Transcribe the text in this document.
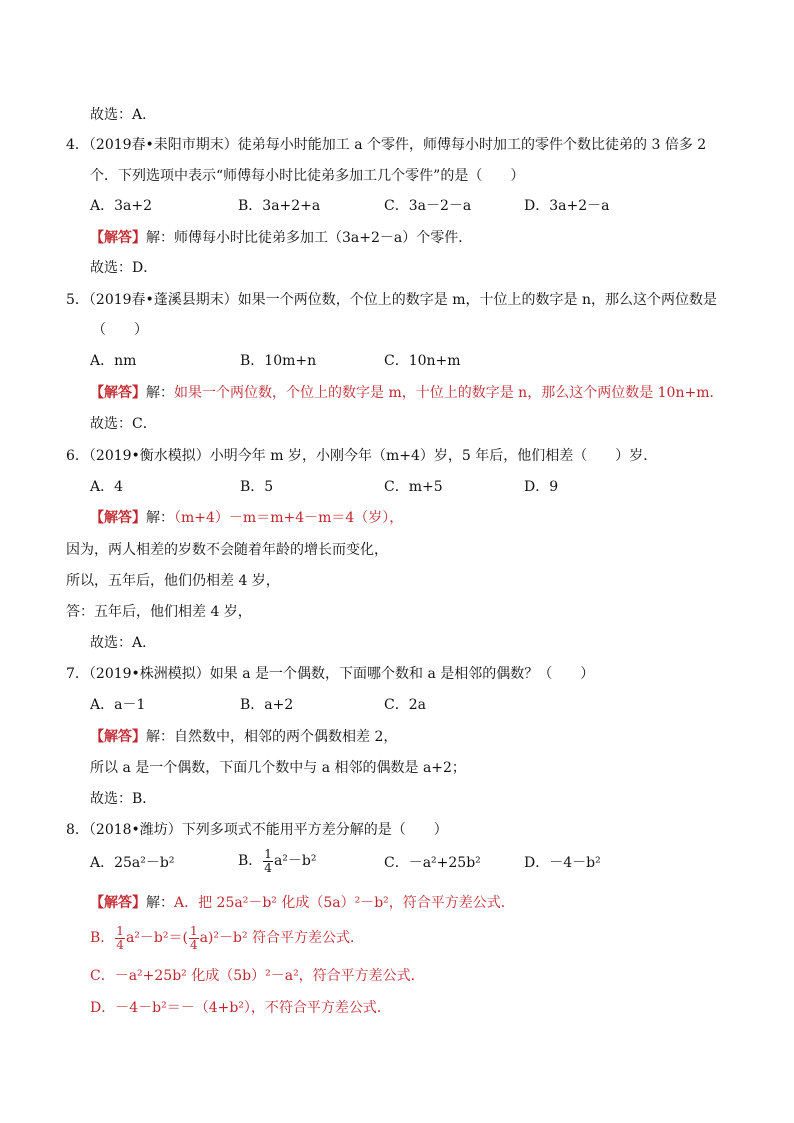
故选：A．
4．（2019春•耒阳市期末）徒弟每小时能加工 a 个零件，师傅每小时加工的零件个数比徒弟的 3 倍多 2
个．下列选项中表示“师傅每小时比徒弟多加工几个零件”的是（　　）
A．3a+2	B．3a+2+a	C．3a－2－a	D．3a+2－a
【解答】解：师傅每小时比徒弟多加工（3a+2－a）个零件．
故选：D．
5．（2019春•蓬溪县期末）如果一个两位数，个位上的数字是 m，十位上的数字是 n，那么这个两位数是
（　　）
A．nm	B．10m+n	C．10n+m
【解答】解：如果一个两位数，个位上的数字是 m，十位上的数字是 n，那么这个两位数是 10n+m．
故选：C．
6．（2019•衡水模拟）小明今年 m 岁，小刚今年（m+4）岁，5 年后，他们相差（　　）岁．
A．4	B．5	C．m+5	D．9
【解答】解：（m+4）－m＝m+4－m＝4（岁），
因为，两人相差的岁数不会随着年龄的增长而变化，
所以，五年后，他们仍相差 4 岁，
答：五年后，他们相差 4 岁，
故选：A．
7．（2019•株洲模拟）如果 a 是一个偶数，下面哪个数和 a 是相邻的偶数？（　　）
A．a－1	B．a+2	C．2a
【解答】解：自然数中，相邻的两个偶数相差 2，
所以 a 是一个偶数，下面几个数中与 a 相邻的偶数是 a+2；
故选：B．
8．（2018•潍坊）下列多项式不能用平方差分解的是（　　）
A．25a²－b²	B． $\frac{1}{4} a^2-b^2$	C．－a²+25b²	D．－4－b²
【解答】解：A．把 25a²－b² 化成（5a）²－b²，符合平方差公式．
B． $\frac{1}{4} a^2-b^2=( \frac{1}{4} a)^2-b^2$ 符合平方差公式．
C．－a²+25b² 化成（5b）²－a²，符合平方差公式．
D．－4－b²＝－（4+b²），不符合平方差公式．
